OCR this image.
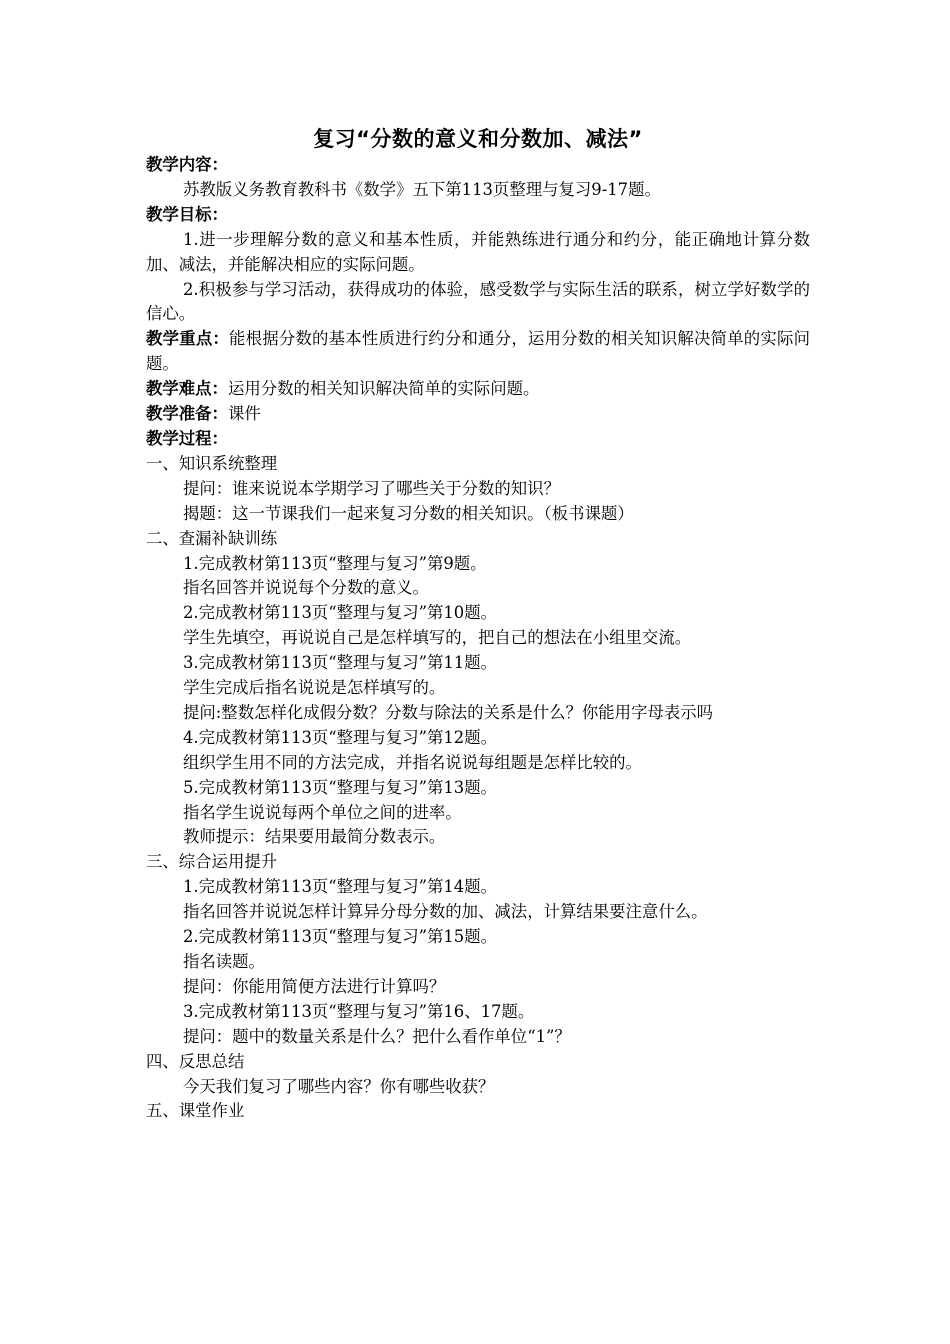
复习“分数的意义和分数加、减法”
教学内容：
苏教版义务教育教科书《数学》五下第113页整理与复习9-17题。
教学目标：
1.进一步理解分数的意义和基本性质，并能熟练进行通分和约分，能正确地计算分数加、减法，并能解决相应的实际问题。
2.积极参与学习活动，获得成功的体验，感受数学与实际生活的联系，树立学好数学的信心。
教学重点：能根据分数的基本性质进行约分和通分，运用分数的相关知识解决简单的实际问题。
教学难点：运用分数的相关知识解决简单的实际问题。
教学准备：课件
教学过程：
一、知识系统整理
提问：谁来说说本学期学习了哪些关于分数的知识？
揭题：这一节课我们一起来复习分数的相关知识。（板书课题）
二、查漏补缺训练
1.完成教材第113页“整理与复习”第9题。
指名回答并说说每个分数的意义。
2.完成教材第113页“整理与复习”第10题。
学生先填空，再说说自己是怎样填写的，把自己的想法在小组里交流。
3.完成教材第113页“整理与复习”第11题。
学生完成后指名说说是怎样填写的。
提问:整数怎样化成假分数？分数与除法的关系是什么？你能用字母表示吗
4.完成教材第113页“整理与复习”第12题。
组织学生用不同的方法完成，并指名说说每组题是怎样比较的。
5.完成教材第113页“整理与复习”第13题。
指名学生说说每两个单位之间的进率。
教师提示：结果要用最简分数表示。
三、综合运用提升
1.完成教材第113页“整理与复习”第14题。
指名回答并说说怎样计算异分母分数的加、减法，计算结果要注意什么。
2.完成教材第113页“整理与复习”第15题。
指名读题。
提问：你能用简便方法进行计算吗？
3.完成教材第113页“整理与复习”第16、17题。
提问：题中的数量关系是什么？把什么看作单位“1”？
四、反思总结
今天我们复习了哪些内容？你有哪些收获？
五、课堂作业
